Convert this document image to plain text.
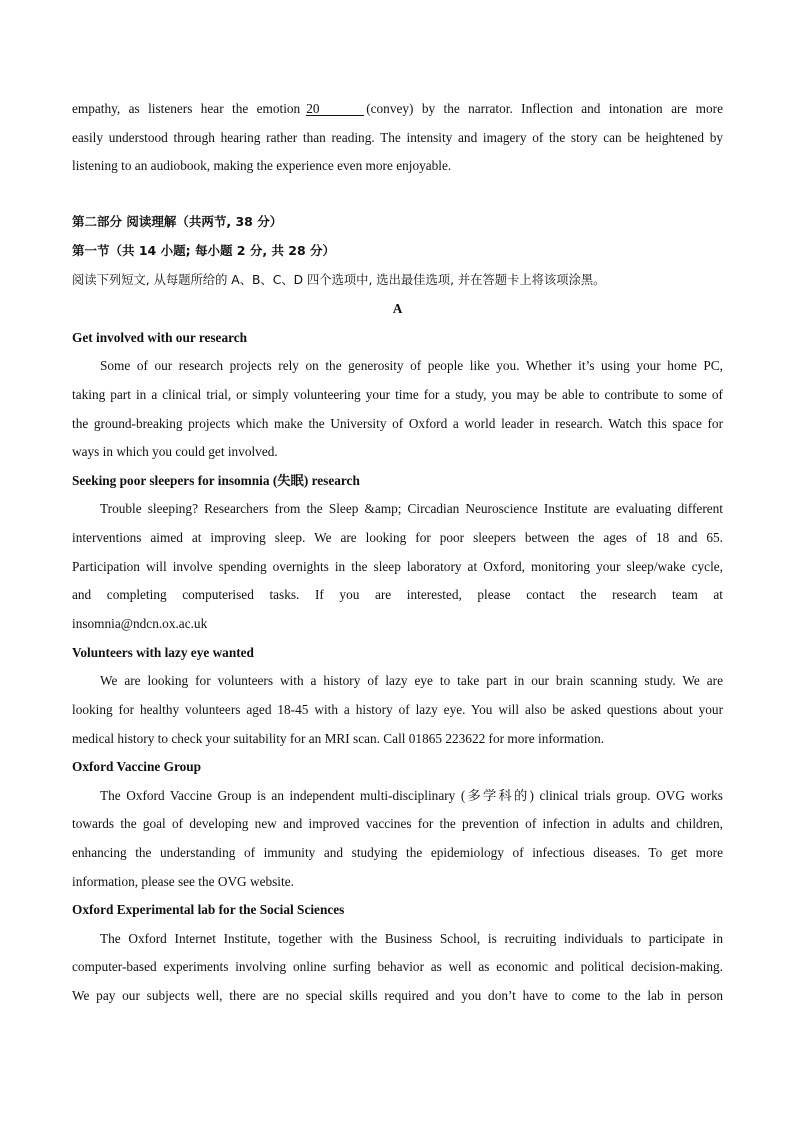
empathy, as listeners hear the emotion 20	(convey) by the narrator. Inflection and intonation are more
easily understood through hearing rather than reading. The intensity and imagery of the story can be heightened by
listening to an audiobook, making the experience even more enjoyable.
第二部分 阅读理解（共两节, 38 分）
第一节（共 14 小题; 每小题 2 分, 共 28 分）
阅读下列短文, 从每题所给的 A、B、C、D 四个选项中, 选出最佳选项, 并在答题卡上将该项涂黑。
A
Get involved with our research
Some of our research projects rely on the generosity of people like you. Whether it’s using your home PC,
taking part in a clinical trial, or simply volunteering your time for a study, you may be able to contribute to some of
the ground-breaking projects which make the University of Oxford a world leader in research. Watch this space for
ways in which you could get involved.
Seeking poor sleepers for insomnia (失眠) research
Trouble sleeping? Researchers from the Sleep &amp; Circadian Neuroscience Institute are evaluating different
interventions aimed at improving sleep. We are looking for poor sleepers between the ages of 18 and 65.
Participation will involve spending overnights in the sleep laboratory at Oxford, monitoring your sleep/wake cycle,
and completing computerised tasks. If you are interested, please contact the research team at
insomnia@ndcn.ox.ac.uk
Volunteers with lazy eye wanted
We are looking for volunteers with a history of lazy eye to take part in our brain scanning study. We are
looking for healthy volunteers aged 18-45 with a history of lazy eye. You will also be asked questions about your
medical history to check your suitability for an MRI scan. Call 01865 223622 for more information.
Oxford Vaccine Group
The Oxford Vaccine Group is an independent multi-disciplinary (多学科的) clinical trials group. OVG works
towards the goal of developing new and improved vaccines for the prevention of infection in adults and children,
enhancing the understanding of immunity and studying the epidemiology of infectious diseases. To get more
information, please see the OVG website.
Oxford Experimental lab for the Social Sciences
The Oxford Internet Institute, together with the Business School, is recruiting individuals to participate in
computer-based experiments involving online surfing behavior as well as economic and political decision-making.
We pay our subjects well, there are no special skills required and you don’t have to come to the lab in person
